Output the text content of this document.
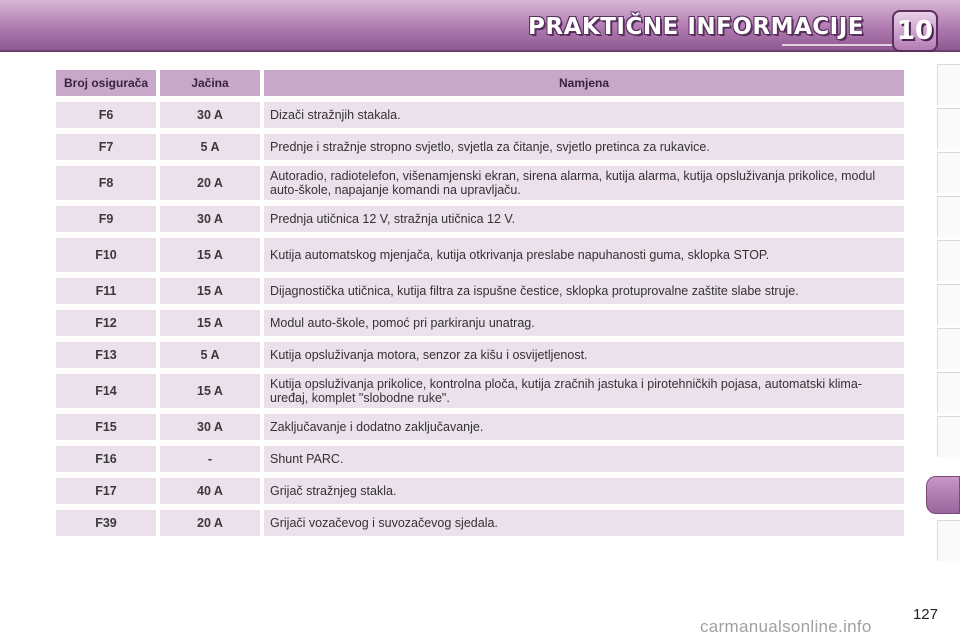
PRAKTIČNE INFORMACIJE 10
Broj osigurača	Jačina	Namjena
F6	30 A	Dizači stražnjih stakala.
F7	5 A	Prednje i stražnje stropno svjetlo, svjetla za čitanje, svjetlo pretinca za rukavice.
F8	20 A	Autoradio, radiotelefon, višenamjenski ekran, sirena alarma, kutija alarma, kutija opsluživanja prikolice, modul auto-škole, napajanje komandi na upravljaču.
F9	30 A	Prednja utičnica 12 V, stražnja utičnica 12 V.
F10	15 A	Kutija automatskog mjenjača, kutija otkrivanja preslabe napuhanosti guma, sklopka STOP.
F11	15 A	Dijagnostička utičnica, kutija filtra za ispušne čestice, sklopka protuprovalne zaštite slabe struje.
F12	15 A	Modul auto-škole, pomoć pri parkiranju unatrag.
F13	5 A	Kutija opsluživanja motora, senzor za kišu i osvijetljenost.
F14	15 A	Kutija opsluživanja prikolice, kontrolna ploča, kutija zračnih jastuka i pirotehničkih pojasa, automatski klima-uređaj, komplet "slobodne ruke".
F15	30 A	Zaključavanje i dodatno zaključavanje.
F16	-	Shunt PARC.
F17	40 A	Grijač stražnjeg stakla.
F39	20 A	Grijači vozačevog i suvozačevog sjedala.
127
carmanualsonline.info
